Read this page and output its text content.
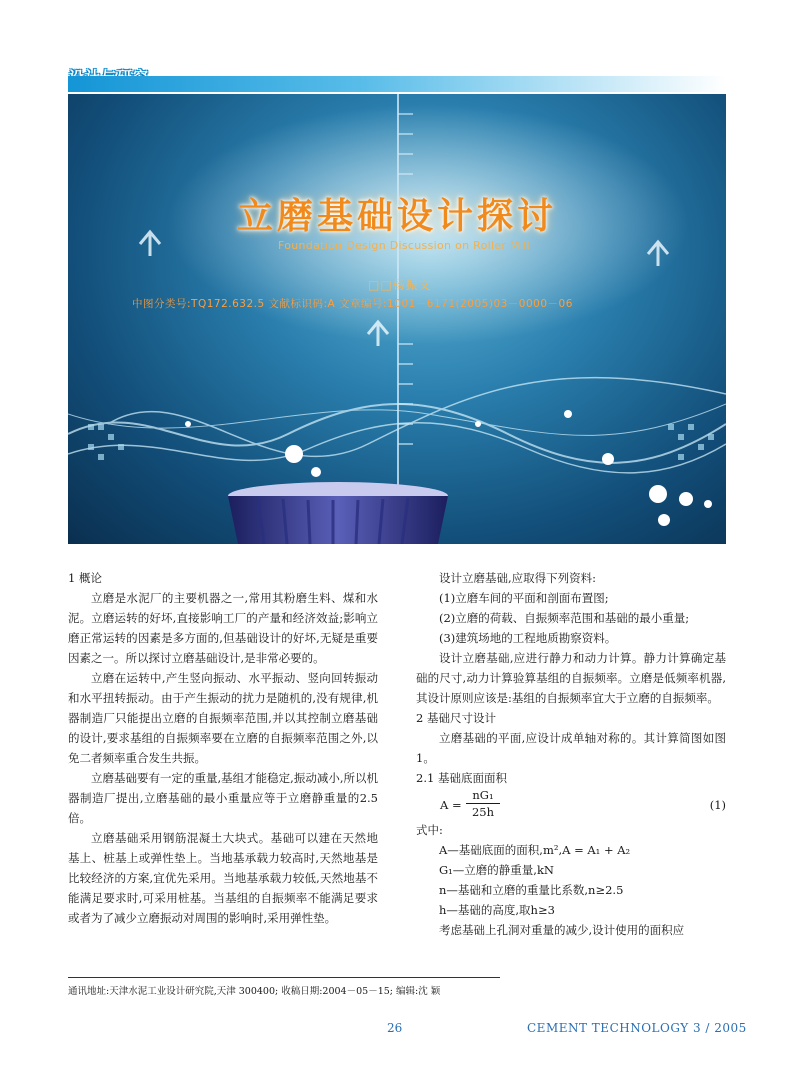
立磨基础设计探讨
Foundation Design Discussion on Roller Mill
□□杨振文
中图分类号:TQ172.632.5 文献标识码:A 文章编号:1001－6171(2005)03－0000－06

1 概论

立磨是水泥厂的主要机器之一,常用其粉磨生料、煤和水泥。立磨运转的好坏,直接影响工厂的产量和经济效益;影响立磨正常运转的因素是多方面的,但基础设计的好坏,无疑是重要因素之一。所以探讨立磨基础设计,是非常必要的。

立磨在运转中,产生竖向振动、水平振动、竖向回转振动和水平扭转振动。由于产生振动的扰力是随机的,没有规律,机器制造厂只能提出立磨的自振频率范围,并以其控制立磨基础的设计,要求基组的自振频率要在立磨的自振频率范围之外,以免二者频率重合发生共振。

立磨基础要有一定的重量,基组才能稳定,振动减小,所以机器制造厂提出,立磨基础的最小重量应等于立磨静重量的2.5倍。

立磨基础采用钢筋混凝土大块式。基础可以建在天然地基上、桩基上或弹性垫上。当地基承载力较高时,天然地基是比较经济的方案,宜优先采用。当地基承载力较低,天然地基不能满足要求时,可采用桩基。当基组的自振频率不能满足要求或者为了减少立磨振动对周围的影响时,采用弹性垫。

设计立磨基础,应取得下列资料:

(1)立磨车间的平面和剖面布置图;

(2)立磨的荷载、自振频率范围和基础的最小重量;

(3)建筑场地的工程地质勘察资料。

设计立磨基础,应进行静力和动力计算。静力计算确定基础的尺寸,动力计算验算基组的自振频率。立磨是低频率机器,其设计原则应该是:基组的自振频率宜大于立磨的自振频率。

2 基础尺寸设计

立磨基础的平面,应设计成单轴对称的。其计算简图如图1。

2.1 基础底面面积

$A = \frac{\text{nG₁}}{25h}$	(1)

式中:

A—基础底面的面积,m²,A = A₁ + A₂

G₁—立磨的静重量,kN

n—基础和立磨的重量比系数,n≥2.5

h—基础的高度,取h≥3

考虑基础上孔洞对重量的减少,设计使用的面积应

通讯地址:天津水泥工业设计研究院,天津 300400; 收稿日期:2004－05－15; 编辑:沈 颖
26	CEMENT TECHNOLOGY 3 / 2005
